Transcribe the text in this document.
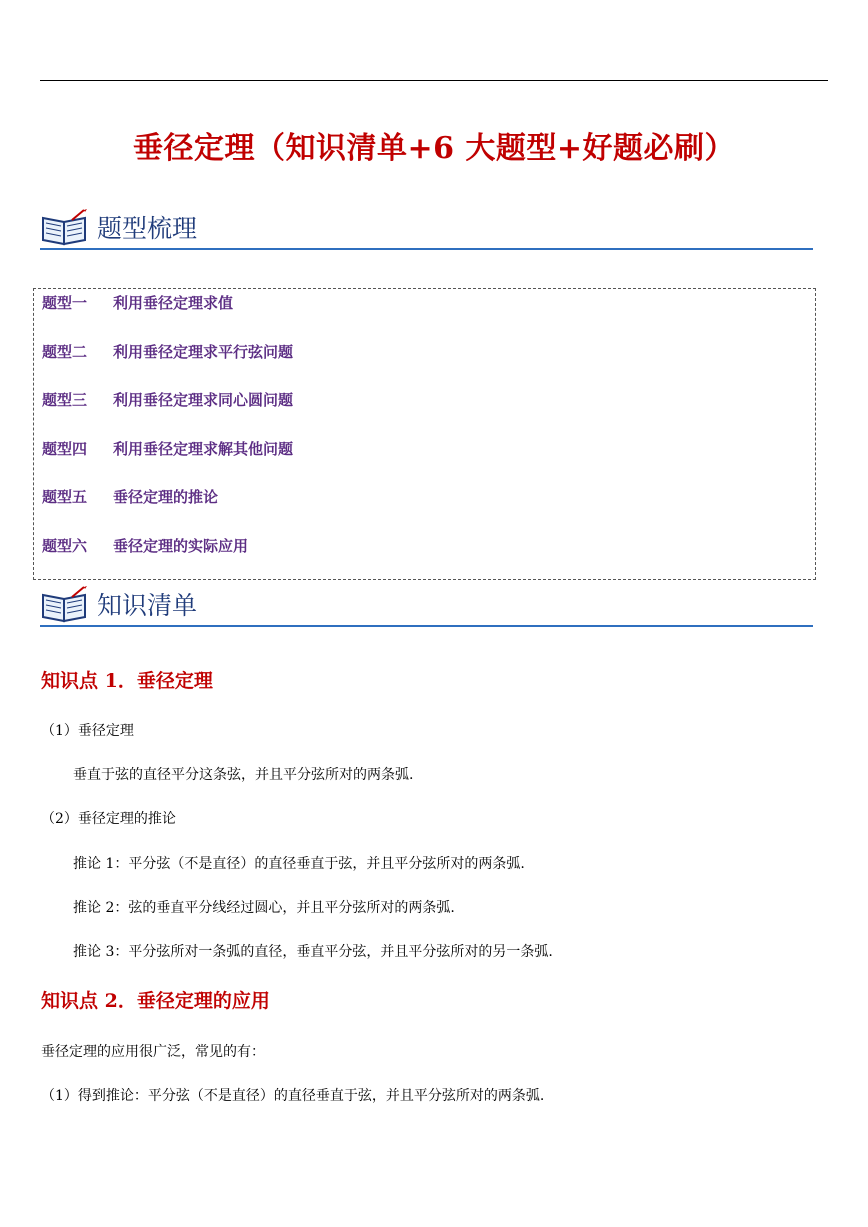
垂径定理（知识清单+6 大题型+好题必刷）
题型梳理
题型一 利用垂径定理求值
题型二 利用垂径定理求平行弦问题
题型三 利用垂径定理求同心圆问题
题型四 利用垂径定理求解其他问题
题型五 垂径定理的推论
题型六 垂径定理的实际应用
知识清单
知识点 1．垂径定理
（1）垂径定理
垂直于弦的直径平分这条弦，并且平分弦所对的两条弧.
（2）垂径定理的推论
推论 1：平分弦（不是直径）的直径垂直于弦，并且平分弦所对的两条弧.
推论 2：弦的垂直平分线经过圆心，并且平分弦所对的两条弧.
推论 3：平分弦所对一条弧的直径，垂直平分弦，并且平分弦所对的另一条弧.
知识点 2．垂径定理的应用
垂径定理的应用很广泛，常见的有：
（1）得到推论：平分弦（不是直径）的直径垂直于弦，并且平分弦所对的两条弧.
